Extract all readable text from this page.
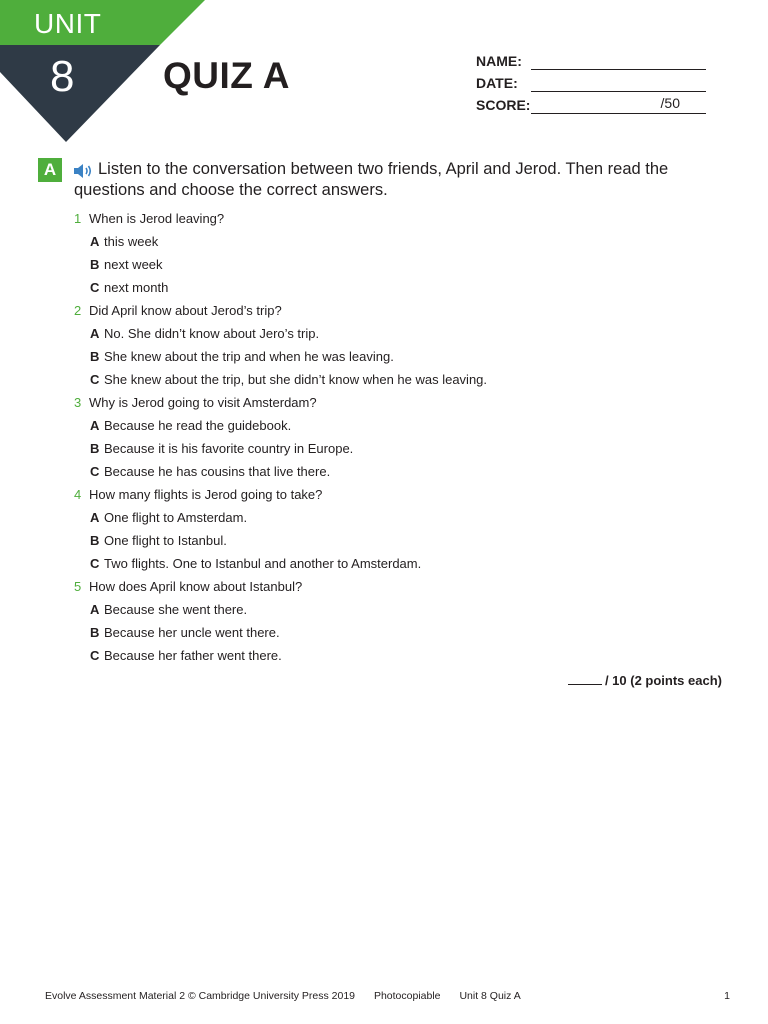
UNIT
8 QUIZ A	NAME:
DATE:
SCORE:	/50
A	Listen to the conversation between two friends, April and Jerod. Then read the questions and choose the correct answers.
1 When is Jerod leaving?
A this week
B next week
C next month
2 Did April know about Jerod’s trip?
A No. She didn’t know about Jero’s trip.
B She knew about the trip and when he was leaving.
C She knew about the trip, but she didn’t know when he was leaving.
3 Why is Jerod going to visit Amsterdam?
A Because he read the guidebook.
B Because it is his favorite country in Europe.
C Because he has cousins that live there.
4 How many flights is Jerod going to take?
A One flight to Amsterdam.
B One flight to Istanbul.
C Two flights. One to Istanbul and another to Amsterdam.
5 How does April know about Istanbul?
A Because she went there.
B Because her uncle went there.
C Because her father went there.
/ 10 (2 points each)
Evolve Assessment Material 2 © Cambridge University Press 2019 Photocopiable Unit 8 Quiz A	1
